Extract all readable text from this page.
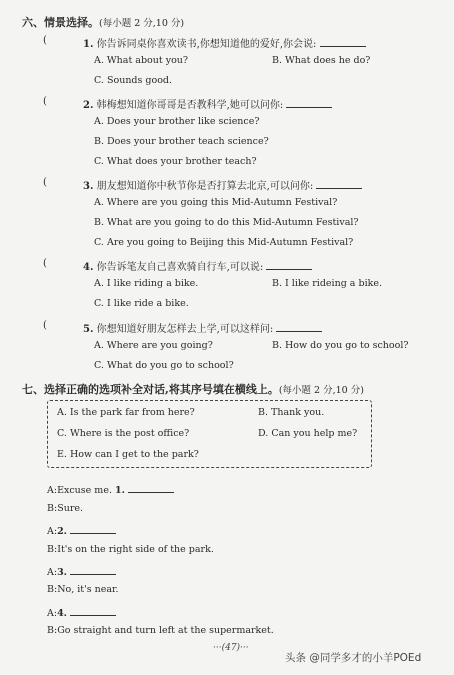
六、情景选择。(每小题 2 分,10 分)
(	1. 你告诉同桌你喜欢读书,你想知道他的爱好,你会说:
A. What about you?	B. What does he do?
C. Sounds good.
(	2. 韩梅想知道你哥哥是否教科学,她可以问你:
A. Does your brother like science?
B. Does your brother teach science?
C. What does your brother teach?
(	3. 朋友想知道你中秋节你是否打算去北京,可以问你:
A. Where are you going this Mid-Autumn Festival?
B. What are you going to do this Mid-Autumn Festival?
C. Are you going to Beijing this Mid-Autumn Festival?
(	4. 你告诉笔友自己喜欢骑自行车,可以说:
A. I like riding a bike.	B. I like rideing a bike.
C. I like ride a bike.
(	5. 你想知道好朋友怎样去上学,可以这样问:
A. Where are you going?	B. How do you go to school?
C. What do you go to school?
七、选择正确的选项补全对话,将其序号填在横线上。(每小题 2 分,10 分)
A. Is the park far from here?	B. Thank you.
C. Where is the post office?	D. Can you help me?
E. How can I get to the park?
A:Excuse me. 1.
B:Sure.
A:2.
B:It's on the right side of the park.
A:3.
B:No, it's near.
A:4.
B:Go straight and turn left at the supermarket.
···(47)···
头条 @同学多才的小羊POEd
